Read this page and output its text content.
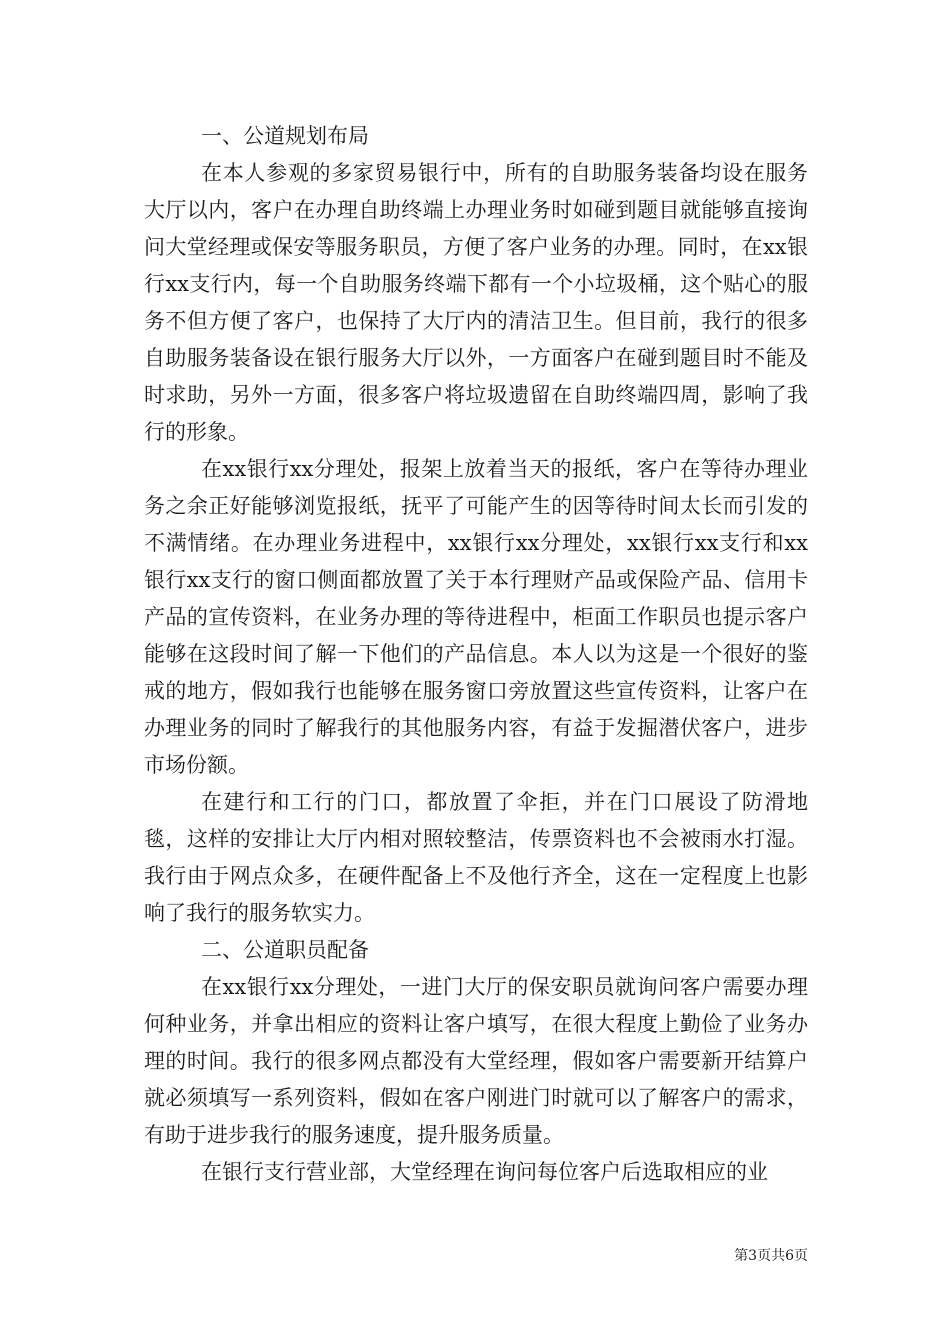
一、公道规划布局

在本人参观的多家贸易银行中，所有的自助服务装备均设在服务大厅以内，客户在办理自助终端上办理业务时如碰到题目就能够直接询问大堂经理或保安等服务职员，方便了客户业务的办理。同时，在xx银行xx支行内，每一个自助服务终端下都有一个小垃圾桶，这个贴心的服务不但方便了客户，也保持了大厅内的清洁卫生。但目前，我行的很多自助服务装备设在银行服务大厅以外，一方面客户在碰到题目时不能及时求助，另外一方面，很多客户将垃圾遗留在自助终端四周，影响了我行的形象。

在xx银行xx分理处，报架上放着当天的报纸，客户在等待办理业务之余正好能够浏览报纸，抚平了可能产生的因等待时间太长而引发的不满情绪。在办理业务进程中，xx银行xx分理处，xx银行xx支行和xx银行xx支行的窗口侧面都放置了关于本行理财产品或保险产品、信用卡产品的宣传资料，在业务办理的等待进程中，柜面工作职员也提示客户能够在这段时间了解一下他们的产品信息。本人以为这是一个很好的鉴戒的地方，假如我行也能够在服务窗口旁放置这些宣传资料，让客户在办理业务的同时了解我行的其他服务内容，有益于发掘潜伏客户，进步市场份额。

在建行和工行的门口，都放置了伞拒，并在门口展设了防滑地毯，这样的安排让大厅内相对照较整洁，传票资料也不会被雨水打湿。我行由于网点众多，在硬件配备上不及他行齐全，这在一定程度上也影响了我行的服务软实力。

二、公道职员配备

在xx银行xx分理处，一进门大厅的保安职员就询问客户需要办理何种业务，并拿出相应的资料让客户填写，在很大程度上勤俭了业务办理的时间。我行的很多网点都没有大堂经理，假如客户需要新开结算户就必须填写一系列资料，假如在客户刚进门时就可以了解客户的需求，有助于进步我行的服务速度，提升服务质量。

在银行支行营业部，大堂经理在询问每位客户后选取相应的业

第3页共6页
